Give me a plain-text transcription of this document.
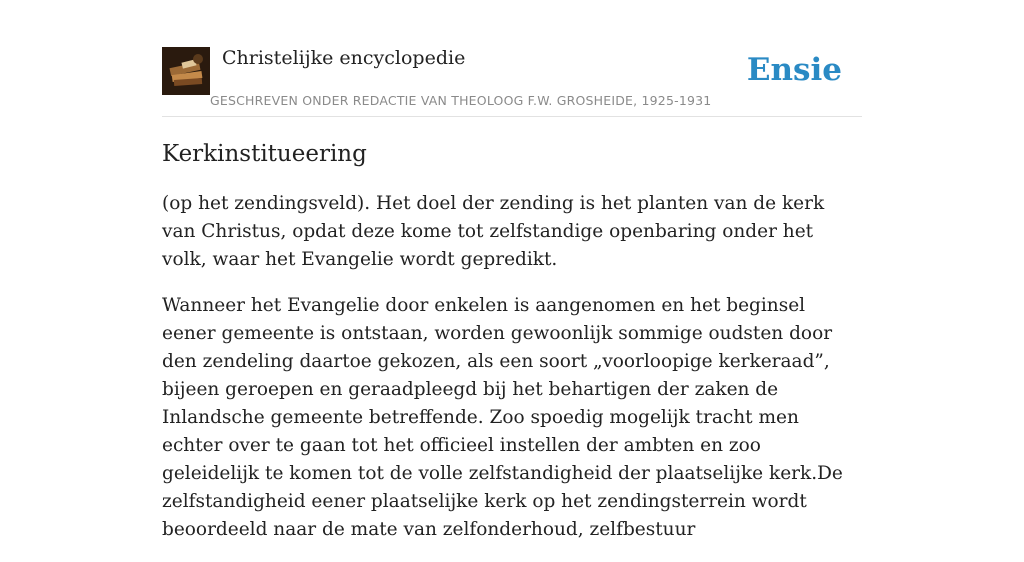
Christelijke encyclopedie
GESCHREVEN ONDER REDACTIE VAN THEOLOOG F.W. GROSHEIDE, 1925-1931
Ensie
Kerkinstitueering

(op het zendingsveld). Het doel der zending is het planten van de kerk van Christus, opdat deze kome tot zelfstandige openbaring onder het volk, waar het Evangelie wordt gepredikt.

Wanneer het Evangelie door enkelen is aangenomen en het beginsel eener gemeente is ontstaan, worden gewoonlijk sommige oudsten door den zendeling daartoe gekozen, als een soort „voorloopige kerkeraad”, bijeen geroepen en geraadpleegd bij het behartigen der zaken de Inlandsche gemeente betreffende. Zoo spoedig mogelijk tracht men echter over te gaan tot het officieel instellen der ambten en zoo geleidelijk te komen tot de volle zelfstandigheid der plaatselijke kerk.De zelfstandigheid eener plaatselijke kerk op het zendingsterrein wordt beoordeeld naar de mate van zelfonderhoud, zelfbestuur
